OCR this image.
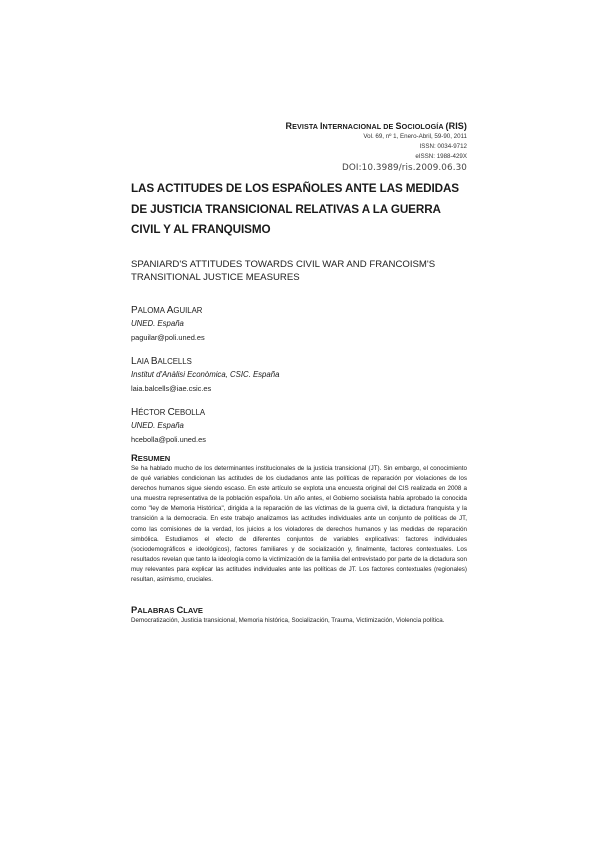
REVISTA INTERNACIONAL DE SOCIOLOGÍA (RIS)
Vol. 69, nº 1, Enero-Abril, 59-90, 2011
ISSN: 0034-9712
eISSN: 1988-429X
DOI:10.3989/ris.2009.06.30
LAS ACTITUDES DE LOS ESPAÑOLES ANTE LAS MEDIDAS
DE JUSTICIA TRANSICIONAL RELATIVAS A LA GUERRA
CIVIL Y AL FRANQUISMO
SPANIARD'S ATTITUDES TOWARDS CIVIL WAR AND FRANCOISM'S
TRANSITIONAL JUSTICE MEASURES
PALOMA AGUILAR
UNED. España
paguilar@poli.uned.es
LAIA BALCELLS
Institut d'Anàlisi Econòmica, CSIC. España
laia.balcells@iae.csic.es
HÉCTOR CEBOLLA
UNED. España
hcebolla@poli.uned.es
RESUMEN
Se ha hablado mucho de los determinantes institucionales de la justicia transicional (JT). Sin embargo, el conocimiento de qué variables condicionan las actitudes de los ciudadanos ante las políticas de reparación por violaciones de los derechos humanos sigue siendo escaso. En este artículo se explota una encuesta original del CIS realizada en 2008 a una muestra representativa de la población española. Un año antes, el Gobierno socialista había aprobado la conocida como "ley de Memoria Histórica", dirigida a la reparación de las víctimas de la guerra civil, la dictadura franquista y la transición a la democracia. En este trabajo analizamos las actitudes individuales ante un conjunto de políticas de JT, como las comisiones de la verdad, los juicios a los violadores de derechos humanos y las medidas de reparación simbólica. Estudiamos el efecto de diferentes conjuntos de variables explicativas: factores individuales (sociodemográficos e ideológicos), factores familiares y de socialización y, finalmente, factores contextuales. Los resultados revelan que tanto la ideología como la victimización de la familia del entrevistado por parte de la dictadura son muy relevantes para explicar las actitudes individuales ante las políticas de JT. Los factores contextuales (regionales) resultan, asimismo, cruciales.
PALABRAS CLAVE
Democratización, Justicia transicional, Memoria histórica, Socialización, Trauma, Victimización, Violencia política.
